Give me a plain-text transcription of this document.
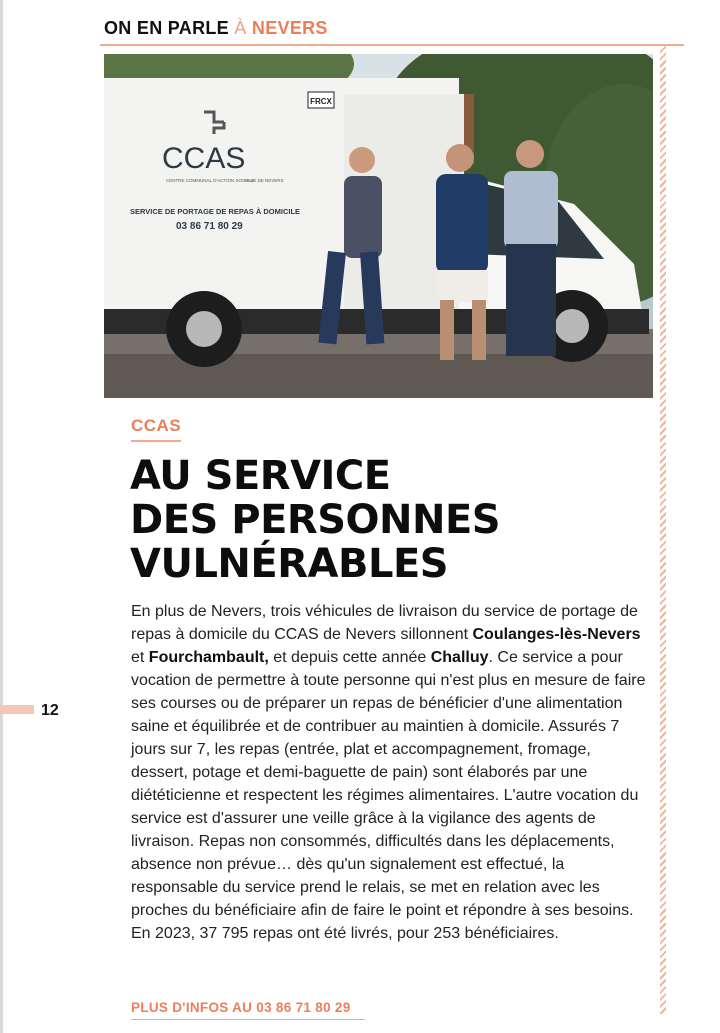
ON EN PARLE À NEVERS
FRCX
CCAS
CENTRE COMMUNAL D'ACTION SOCIALE
VILLE DE NEVERS
SERVICE DE PORTAGE DE REPAS À DOMICILE
03 86 71 80 29
CCAS
AU SERVICE
DES PERSONNES
VULNÉRABLES
En plus de Nevers, trois véhicules de livraison du service de portage de repas à domicile du CCAS de Nevers sillonnent Coulanges-lès-Nevers et Fourchambault, et depuis cette année Challuy. Ce service a pour vocation de permettre à toute personne qui n'est plus en mesure de faire ses courses ou de préparer un repas de bénéficier d'une alimentation saine et équilibrée et de contribuer au maintien à domicile. Assurés 7 jours sur 7, les repas (entrée, plat et accompagnement, fromage, dessert, potage et demi-baguette de pain) sont élaborés par une diététicienne et respectent les régimes alimentaires. L'autre vocation du service est d'assurer une veille grâce à la vigilance des agents de livraison. Repas non consommés, difficultés dans les déplacements, absence non prévue… dès qu'un signalement est effectué, la responsable du service prend le relais, se met en relation avec les proches du bénéficiaire afin de faire le point et répondre à ses besoins. En 2023, 37 795 repas ont été livrés, pour 253 bénéficiaires.
12
PLUS D'INFOS AU 03 86 71 80 29
